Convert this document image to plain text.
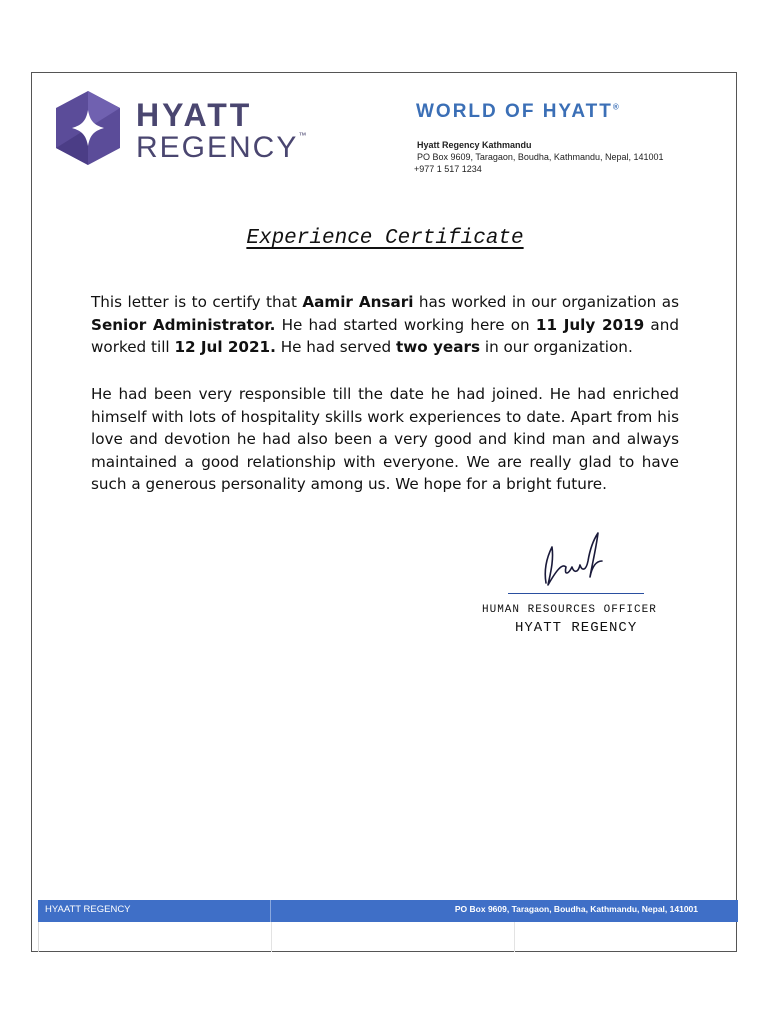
HYATT
REGENCY™
WORLD OF HYATT®
Hyatt Regency Kathmandu
PO Box 9609, Taragaon, Boudha, Kathmandu, Nepal, 141001
+977 1 517 1234
Experience Certificate

This letter is to certify that Aamir Ansari has worked in our organization as Senior Administrator. He had started working here on 11 July 2019 and worked till 12 Jul 2021. He had served two years in our organization.

He had been very responsible till the date he had joined. He had enriched himself with lots of hospitality skills work experiences to date. Apart from his love and devotion he had also been a very good and kind man and always maintained a good relationship with everyone. We are really glad to have such a generous personality among us. We hope for a bright future.

HUMAN RESOURCES OFFICER
HYATT REGENCY
HYAATT REGENCY	PO Box 9609, Taragaon, Boudha, Kathmandu, Nepal, 141001
